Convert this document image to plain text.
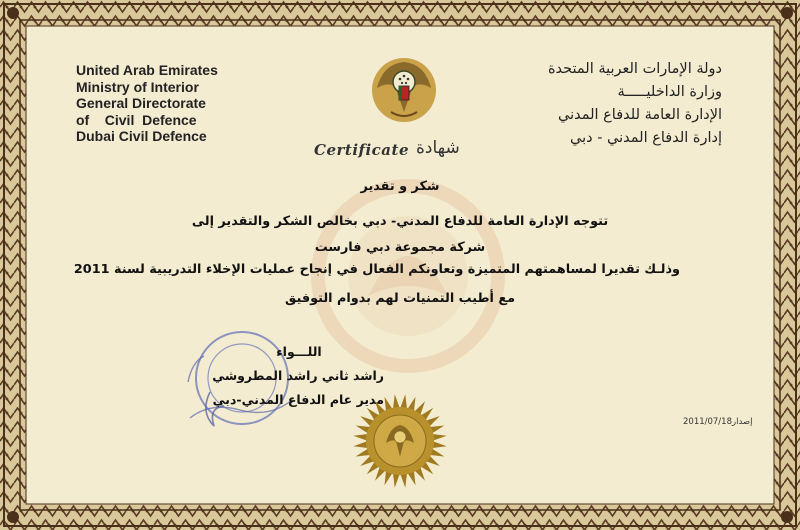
United Arab Emirates
Ministry of Interior
General Directorate
of    Civil  Defence
Dubai Civil Defence
دولة الإمارات العربية المتحدة
وزارة الداخليـــــة
الإدارة العامة للدفاع المدني
إدارة الدفاع المدني - دبي
Certificate شهادة
شكر و تقدير
تتوجه الإدارة العامة للدفاع المدني- دبي بخالص الشكر والتقدير إلى
شركة مجموعة دبي فارست
وذلـك تقديرا لمساهمتهم المتميزة وتعاونكم الفعال في إنجاح عمليات الإخلاء التدريبية لسنة 2011
مع أطيب التمنيات لهم بدوام التوفيق
اللـــواء
راشد ثاني راشد المطروشي
مدير عام الدفاع المدني-دبي
2011/07/18إصدار
